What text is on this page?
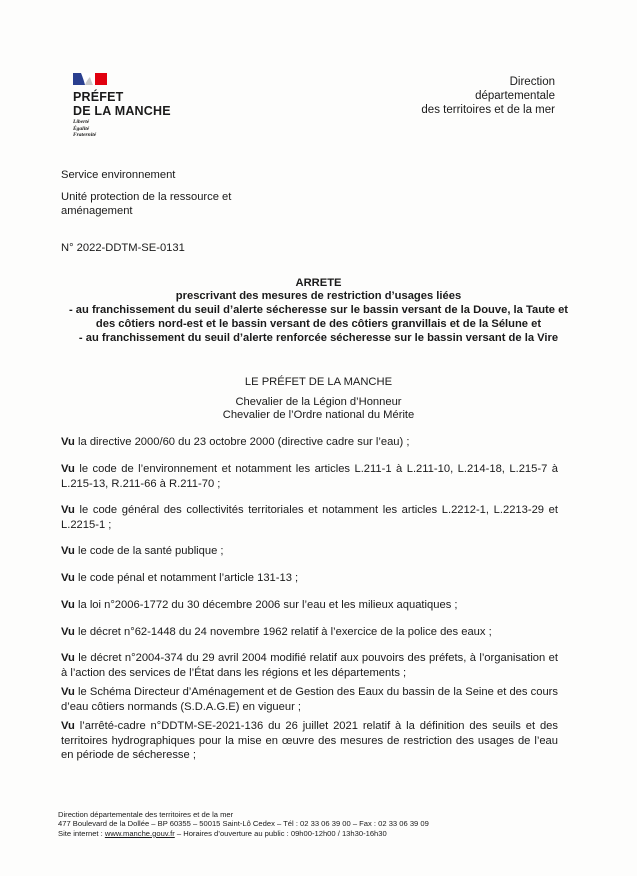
PRÉFET
DE LA MANCHE
Liberté
Égalité
Fraternité
Direction
départementale
des territoires et de la mer
Service environnement
Unité protection de la ressource et
aménagement
N° 2022-DDTM-SE-0131
ARRETE
prescrivant des mesures de restriction d’usages liées
- au franchissement du seuil d’alerte sécheresse sur le bassin versant de la Douve, la Taute et
des côtiers nord-est et le bassin versant de des côtiers granvillais et de la Sélune et
- au franchissement du seuil d’alerte renforcée sécheresse sur le bassin versant de la Vire
LE PRÉFET DE LA MANCHE
Chevalier de la Légion d’Honneur
Chevalier de l’Ordre national du Mérite
Vu la directive 2000/60 du 23 octobre 2000 (directive cadre sur l’eau) ;
Vu le code de l’environnement et notamment les articles L.211-1 à L.211-10, L.214-18, L.215-7 à L.215-13, R.211-66 à R.211-70 ;
Vu le code général des collectivités territoriales et notamment les articles L.2212-1, L.2213-29 et L.2215-1 ;
Vu le code de la santé publique ;
Vu le code pénal et notamment l’article 131-13 ;
Vu la loi n°2006-1772 du 30 décembre 2006 sur l’eau et les milieux aquatiques ;
Vu le décret n°62-1448 du 24 novembre 1962 relatif à l’exercice de la police des eaux ;
Vu le décret n°2004-374 du 29 avril 2004 modifié relatif aux pouvoirs des préfets, à l’organisation et à l’action des services de l’État dans les régions et les départements ;
Vu le Schéma Directeur d’Aménagement et de Gestion des Eaux du bassin de la Seine et des cours d’eau côtiers normands (S.D.A.G.E) en vigueur ;
Vu l’arrêté-cadre n°DDTM-SE-2021-136 du 26 juillet 2021 relatif à la définition des seuils et des territoires hydrographiques pour la mise en œuvre des mesures de restriction des usages de l’eau en période de sécheresse ;
Direction départementale des territoires et de la mer
477 Boulevard de la Dollée – BP 60355 – 50015 Saint-Lô Cedex – Tél : 02 33 06 39 00 – Fax : 02 33 06 39 09
Site internet : www.manche.gouv.fr – Horaires d’ouverture au public : 09h00-12h00 / 13h30-16h30
